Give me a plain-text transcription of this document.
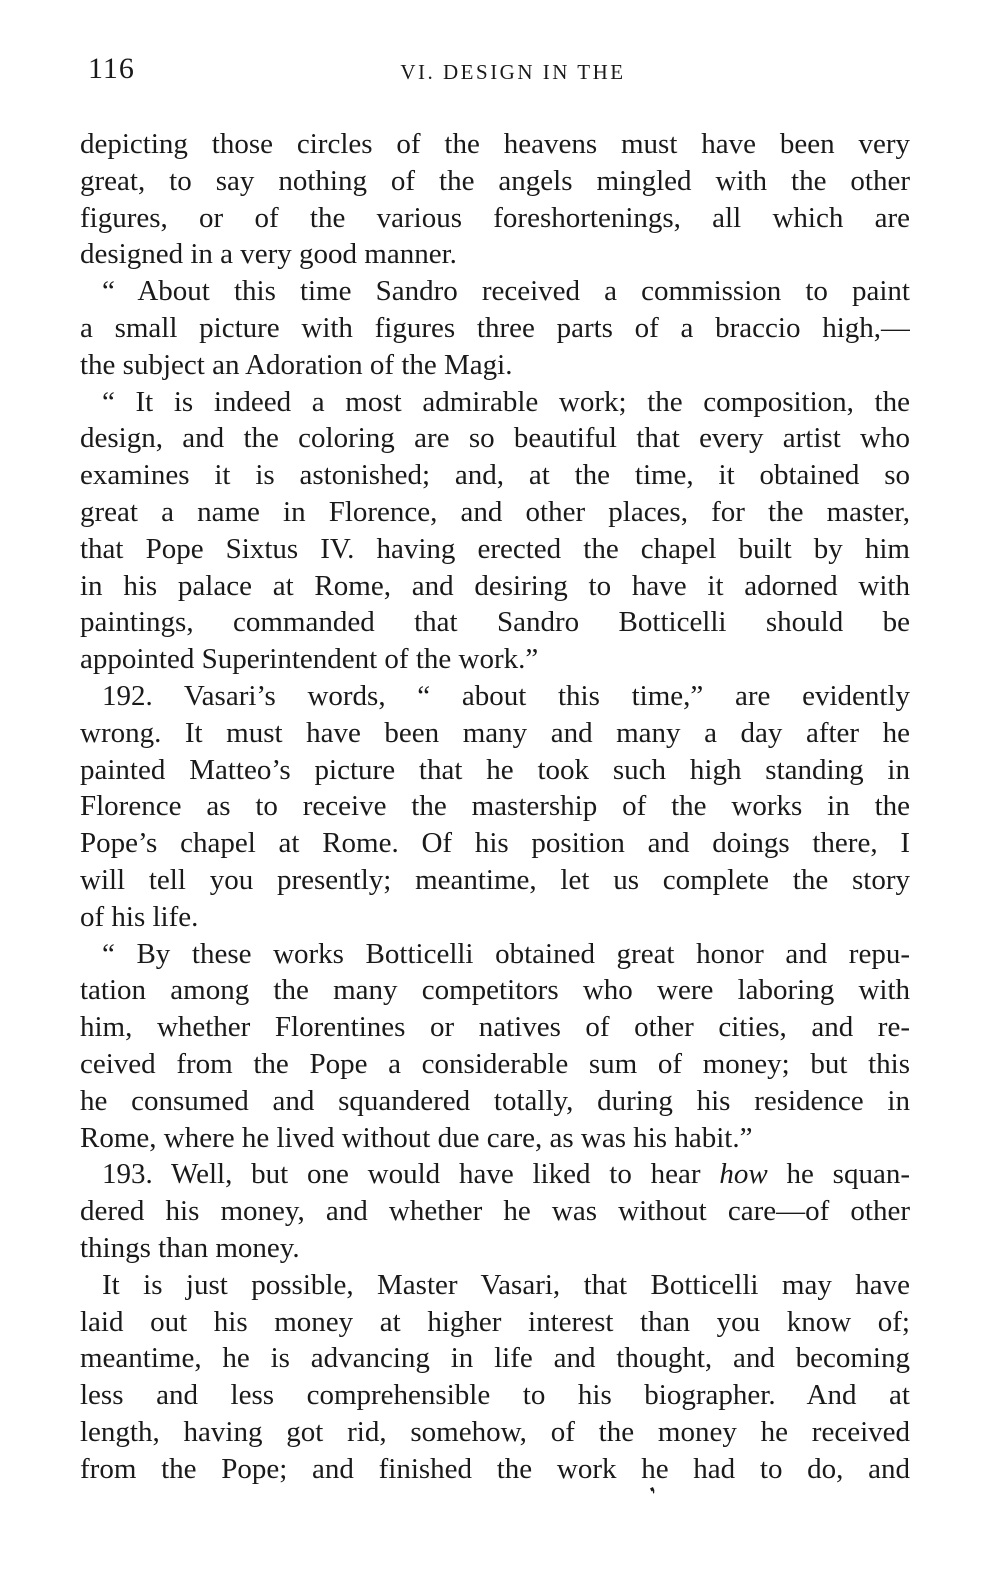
116	VI. DESIGN IN THE
depicting those circles of the heavens must have been very
great, to say nothing of the angels mingled with the other
figures, or of the various foreshortenings, all which are
designed in a very good manner.
“ About this time Sandro received a commission to paint
a small picture with figures three parts of a braccio high,—
the subject an Adoration of the Magi.
“ It is indeed a most admirable work; the composition, the
design, and the coloring are so beautiful that every artist who
examines it is astonished; and, at the time, it obtained so
great a name in Florence, and other places, for the master,
that Pope Sixtus IV. having erected the chapel built by him
in his palace at Rome, and desiring to have it adorned with
paintings, commanded that Sandro Botticelli should be
appointed Superintendent of the work.”
192. Vasari’s words, “ about this time,” are evidently
wrong. It must have been many and many a day after he
painted Matteo’s picture that he took such high standing in
Florence as to receive the mastership of the works in the
Pope’s chapel at Rome. Of his position and doings there, I
will tell you presently; meantime, let us complete the story
of his life.
“ By these works Botticelli obtained great honor and repu-
tation among the many competitors who were laboring with
him, whether Florentines or natives of other cities, and re-
ceived from the Pope a considerable sum of money; but this
he consumed and squandered totally, during his residence in
Rome, where he lived without due care, as was his habit.”
193. Well, but one would have liked to hear how he squan-
dered his money, and whether he was without care—of other
things than money.
It is just possible, Master Vasari, that Botticelli may have
laid out his money at higher interest than you know of;
meantime, he is advancing in life and thought, and becoming
less and less comprehensible to his biographer. And at
length, having got rid, somehow, of the money he received
from the Pope; and finished the work he had to do, and
❜
